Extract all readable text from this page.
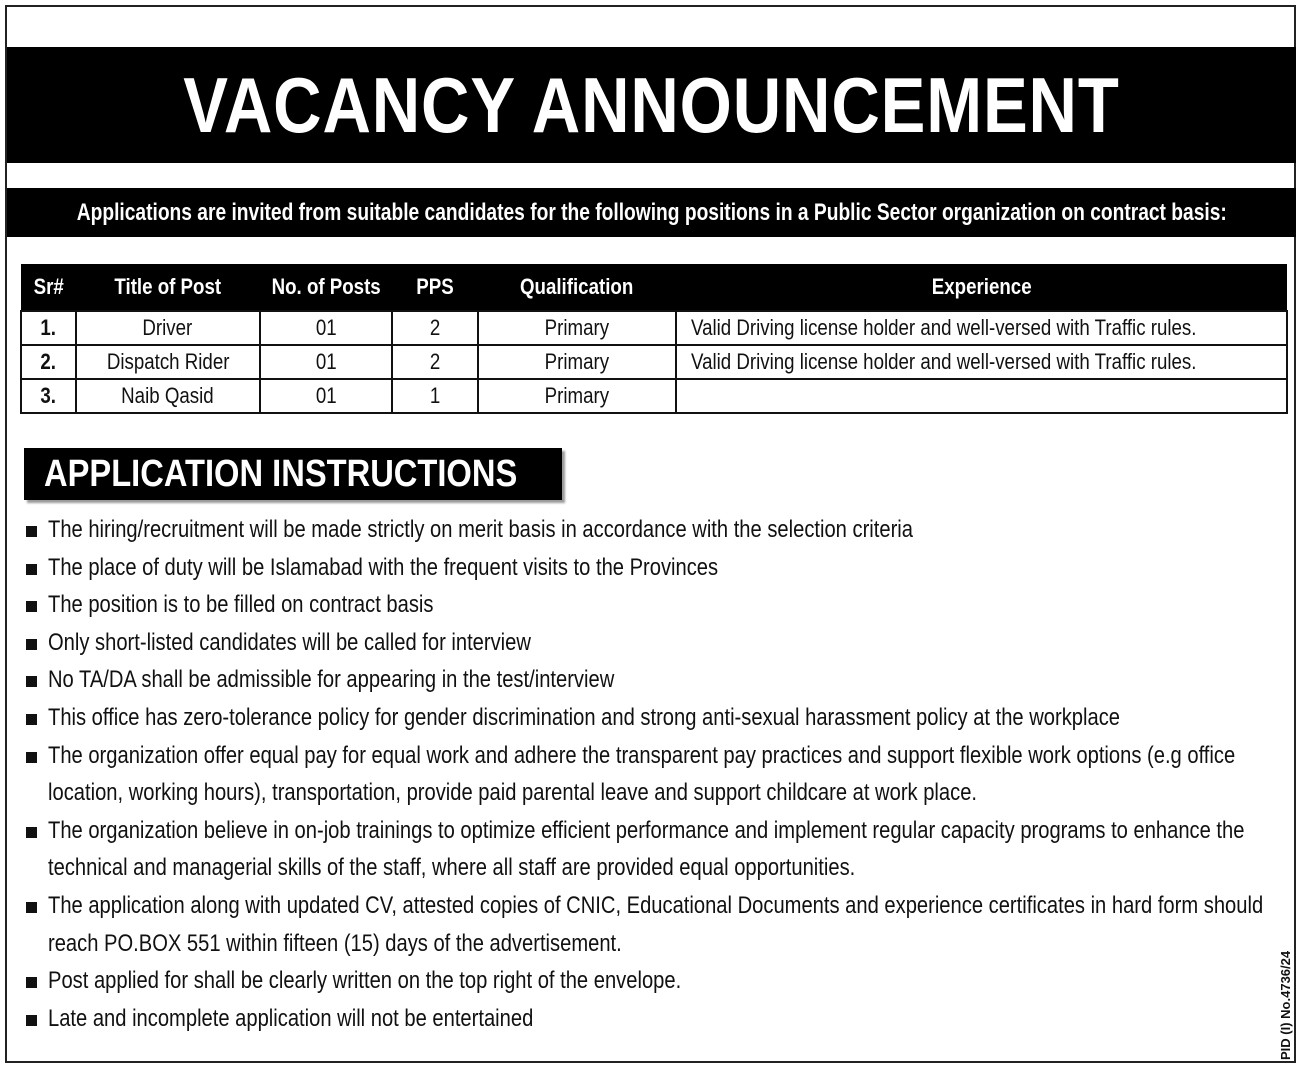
VACANCY ANNOUNCEMENT

Applications are invited from suitable candidates for the following positions in a Public Sector organization on contract basis:

Sr#	Title of Post	No. of Posts	PPS	Qualification	Experience
1.	Driver	01	2	Primary	Valid Driving license holder and well-versed with Traffic rules.
2.	Dispatch Rider	01	2	Primary	Valid Driving license holder and well-versed with Traffic rules.
3.	Naib Qasid	01	1	Primary	
APPLICATION INSTRUCTIONS
The hiring/recruitment will be made strictly on merit basis in accordance with the selection criteria
The place of duty will be Islamabad with the frequent visits to the Provinces
The position is to be filled on contract basis
Only short-listed candidates will be called for interview
No TA/DA shall be admissible for appearing in the test/interview
This office has zero-tolerance policy for gender discrimination and strong anti-sexual harassment policy at the workplace
The organization offer equal pay for equal work and adhere the transparent pay practices and support flexible work options (e.g office location, working hours), transportation, provide paid parental leave and support childcare at work place.
The organization believe in on-job trainings to optimize efficient performance and implement regular capacity programs to enhance the technical and managerial skills of the staff, where all staff are provided equal opportunities.
The application along with updated CV, attested copies of CNIC, Educational Documents and experience certificates in hard form should reach PO.BOX 551 within fifteen (15) days of the advertisement.
Post applied for shall be clearly written on the top right of the envelope.
Late and incomplete application will not be entertained	PID (I) No.4736/24
